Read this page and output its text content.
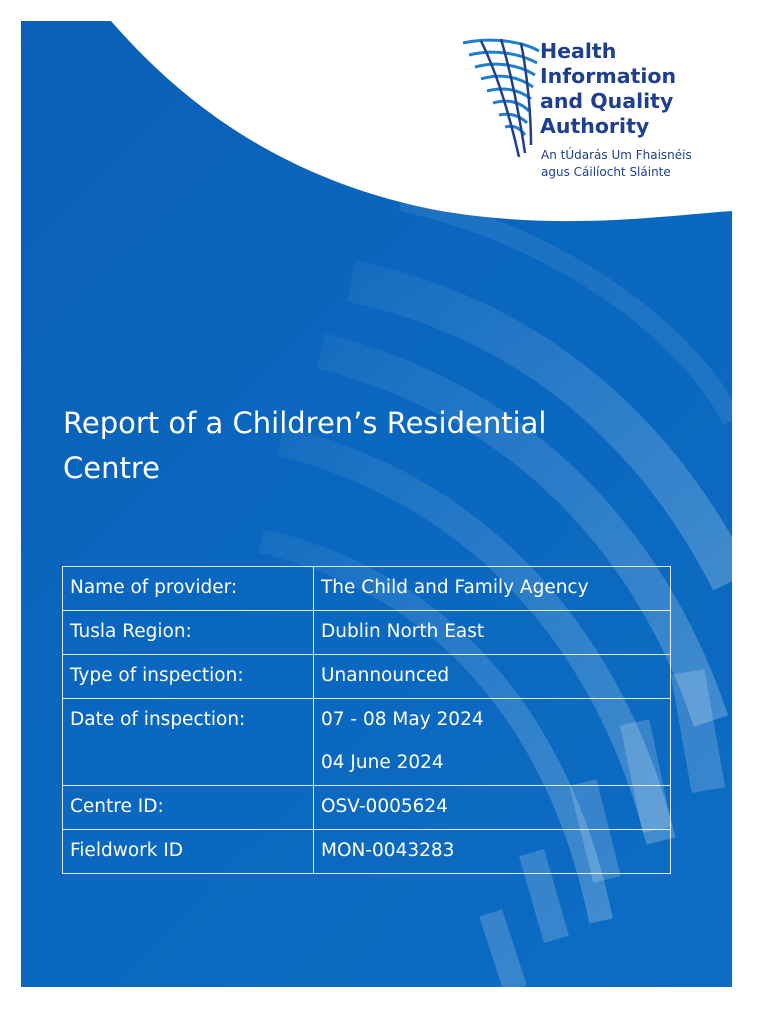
Health
Information
and Quality
Authority
An tÚdarás Um Fhaisnéis
agus Cáilíocht Sláinte
Report of a Children’s Residential
Centre
Name of provider:	The Child and Family Agency
Tusla Region:	Dublin North East
Type of inspection:	Unannounced
Date of inspection:	07 - 08 May 2024
04 June 2024

Centre ID:	OSV-0005624
Fieldwork ID	MON-0043283
